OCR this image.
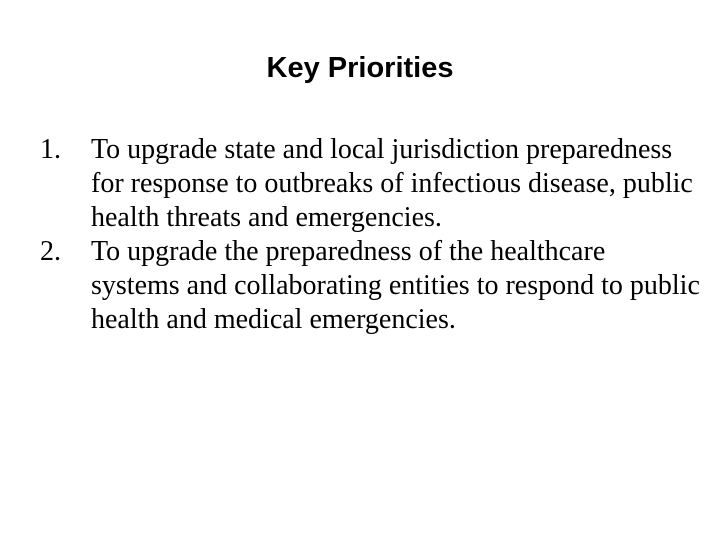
Key Priorities
1.	To upgrade state and local jurisdiction preparedness for response to outbreaks of infectious disease, public health threats and emergencies.
2.	To upgrade the preparedness of the healthcare systems and collaborating entities to respond to public health and medical emergencies.
